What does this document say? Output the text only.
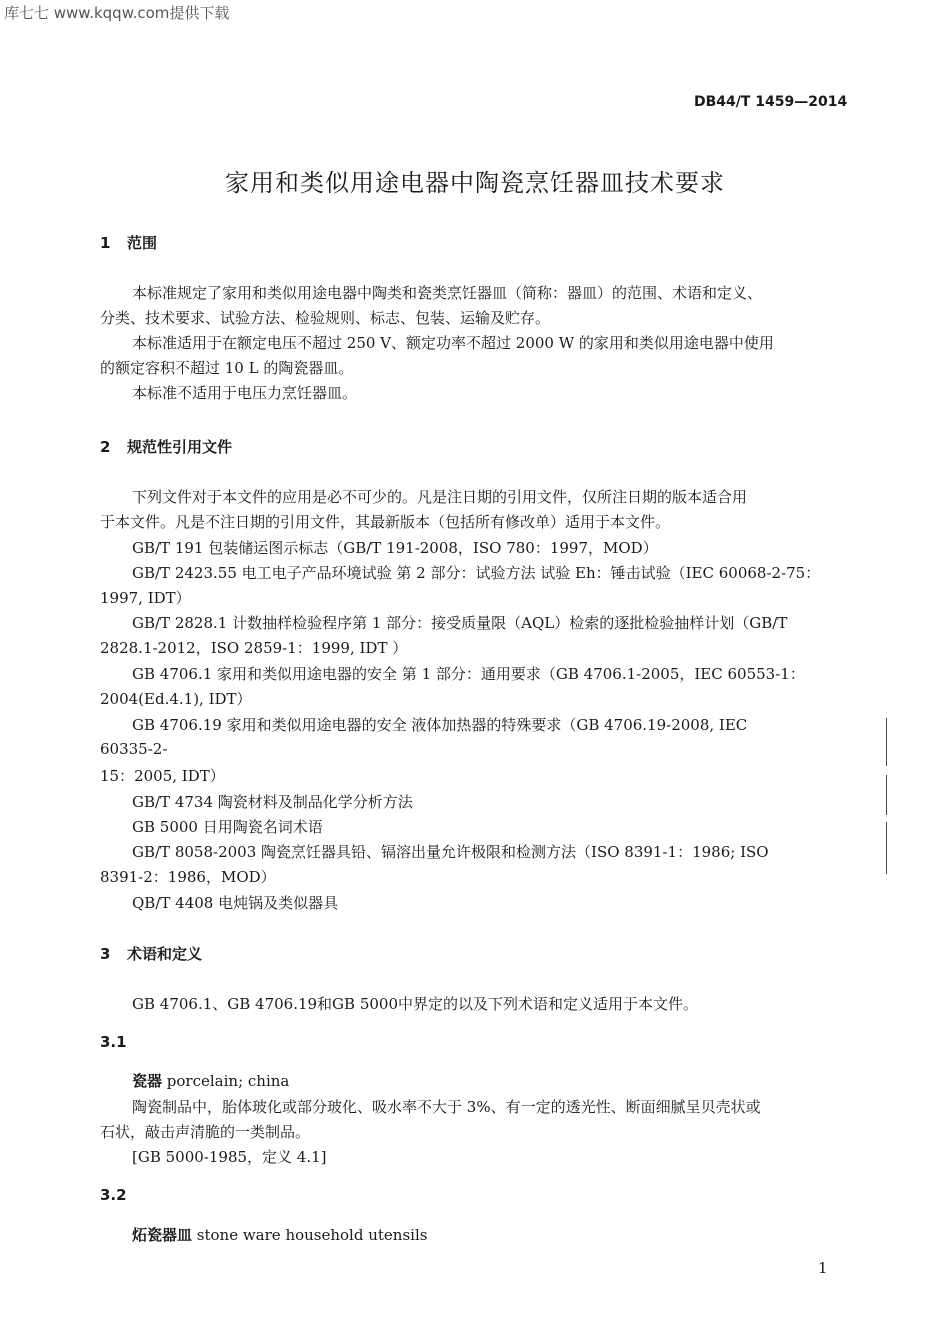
库七七 www.kqqw.com提供下载
DB44/T 1459—2014
家用和类似用途电器中陶瓷烹饪器皿技术要求
1 范围
本标准规定了家用和类似用途电器中陶类和瓷类烹饪器皿（简称：器皿）的范围、术语和定义、
分类、技术要求、试验方法、检验规则、标志、包装、运输及贮存。
本标准适用于在额定电压不超过 250 V、额定功率不超过 2000 W 的家用和类似用途电器中使用
的额定容积不超过 10 L 的陶瓷器皿。
本标准不适用于电压力烹饪器皿。
2 规范性引用文件
下列文件对于本文件的应用是必不可少的。凡是注日期的引用文件，仅所注日期的版本适合用
于本文件。凡是不注日期的引用文件，其最新版本（包括所有修改单）适用于本文件。
GB/T 191 包装储运图示标志（GB/T 191-2008，ISO 780：1997，MOD）
GB/T 2423.55 电工电子产品环境试验 第 2 部分：试验方法 试验 Eh：锤击试验（IEC 60068-2-75：
1997, IDT）
GB/T 2828.1 计数抽样检验程序第 1 部分：接受质量限（AQL）检索的逐批检验抽样计划（GB/T
2828.1-2012，ISO 2859-1：1999, IDT ）
GB 4706.1 家用和类似用途电器的安全 第 1 部分：通用要求（GB 4706.1-2005，IEC 60553-1：
2004(Ed.4.1), IDT）
GB 4706.19 家用和类似用途电器的安全 液体加热器的特殊要求（GB 4706.19-2008, IEC
60335-2-
15：2005, IDT）
GB/T 4734 陶瓷材料及制品化学分析方法
GB 5000 日用陶瓷名词术语
GB/T 8058-2003 陶瓷烹饪器具铅、镉溶出量允许极限和检测方法（ISO 8391-1：1986; ISO
8391-2：1986，MOD）
QB/T 4408 电炖锅及类似器具
3 术语和定义
GB 4706.1、GB 4706.19和GB 5000中界定的以及下列术语和定义适用于本文件。
3.1
瓷器 porcelain; china
陶瓷制品中，胎体玻化或部分玻化、吸水率不大于 3%、有一定的透光性、断面细腻呈贝壳状或
石状，敲击声清脆的一类制品。
[GB 5000-1985，定义 4.1]
3.2
炻瓷器皿 stone ware household utensils
1
